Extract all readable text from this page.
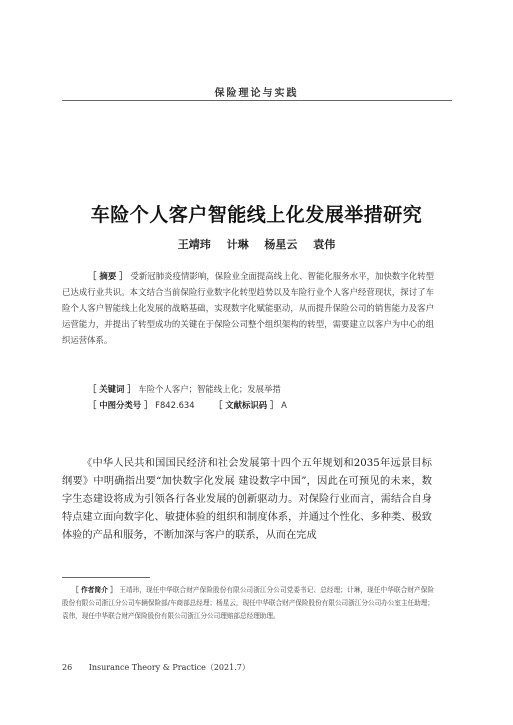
保险理论与实践
车险个人客户智能线上化发展举措研究
王靖玮 计琳 杨星云 袁伟
［ 摘要 ］ 受新冠肺炎疫情影响，保险业全面提高线上化、智能化服务水平，加快数字化转型已达成行业共识。本文结合当前保险行业数字化转型趋势以及车险行业个人客户经营现状，探讨了车险个人客户智能线上化发展的战略基础，实现数字化赋能驱动，从而提升保险公司的销售能力及客户运营能力，并提出了转型成功的关键在于保险公司整个组织架构的转型，需要建立以客户为中心的组织运营体系。
［ 关键词 ］ 车险个人客户；智能线上化；发展举措
［ 中图分类号 ］ F842.634 ［ 文献标识码 ］ A
《中华人民共和国国民经济和社会发展第十四个五年规划和2035年远景目标纲要》中明确指出要“加快数字化发展 建设数字中国”，因此在可预见的未来，数字生态建设将成为引领各行各业发展的创新驱动力。对保险行业而言，需结合自身特点建立面向数字化、敏捷体验的组织和制度体系，并通过个性化、多种类、极致体验的产品和服务，不断加深与客户的联系，从而在完成
［ 作者简介 ］ 王靖玮，现任中华联合财产保险股份有限公司浙江分公司党委书记、总经理；计琳，现任中华联合财产保险股份有限公司浙江分公司车辆保险部/车商部总经理；杨星云，现任中华联合财产保险股份有限公司浙江分公司办公室主任助理；袁伟，现任中华联合财产保险股份有限公司浙江分公司理赔部总经理助理。
26 Insurance Theory & Practice（2021.7）
